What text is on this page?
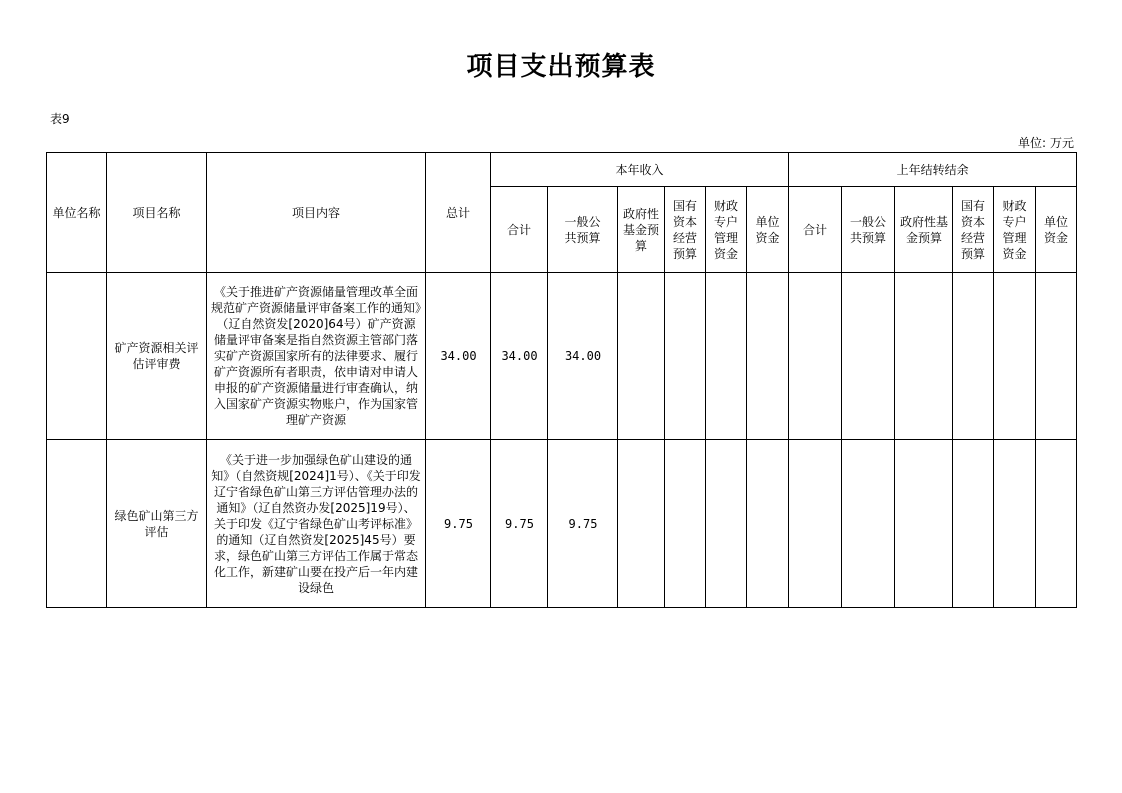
项目支出预算表
表9
单位: 万元
单位名称	项目名称	项目内容	总计	本年收入						上年结转结余					
				合计	一般公共预算	政府性基金预算	国有资本经营预算	财政专户管理资金	单位资金	合计	一般公共预算	政府性基金预算	国有资本经营预算	财政专户管理资金	单位资金

	矿产资源相关评估评审费	《关于推进矿产资源储量管理改革全面规范矿产资源储量评审备案工作的通知》（辽自然资发[2020]64号）矿产资源储量评审备案是指自然资源主管部门落实矿产资源国家所有的法律要求、履行矿产资源所有者职责，依申请对申请人申报的矿产资源储量进行审查确认，纳入国家矿产资源实物账户，作为国家管理矿产资源	34.00	34.00	34.00										
	绿色矿山第三方评估	《关于进一步加强绿色矿山建设的通知》（自然资规[2024]1号）、《关于印发辽宁省绿色矿山第三方评估管理办法的通知》（辽自然资办发[2025]19号）、关于印发《辽宁省绿色矿山考评标准》的通知（辽自然资发[2025]45号）要求，绿色矿山第三方评估工作属于常态化工作，新建矿山要在投产后一年内建设绿色	9.75	9.75	9.75										
